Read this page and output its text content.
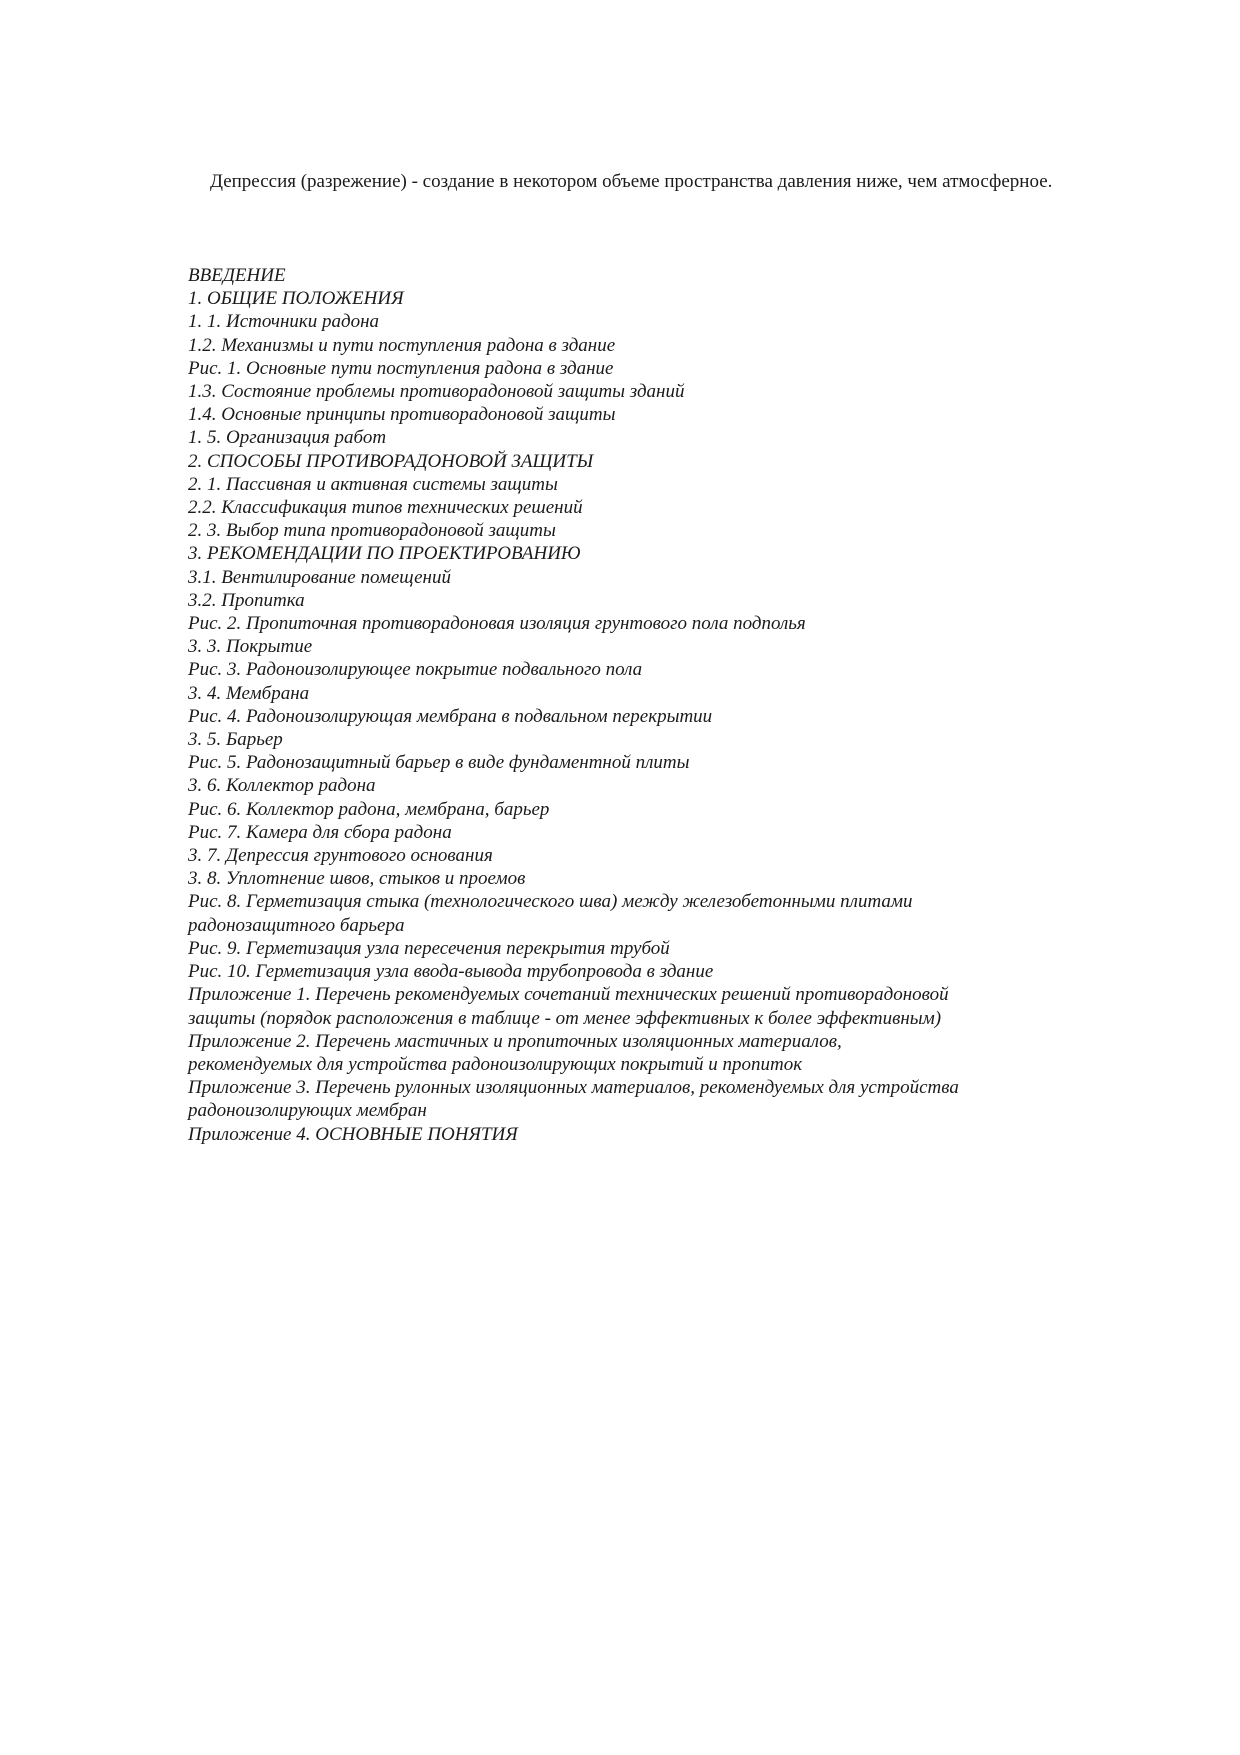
Депрессия (разрежение) - создание в некотором объеме пространства давления ниже, чем атмосферное.

ВВЕДЕНИЕ
1. ОБЩИЕ ПОЛОЖЕНИЯ
1. 1. Источники радона
1.2. Механизмы и пути поступления радона в здание
Рис. 1. Основные пути поступления радона в здание
1.3. Состояние проблемы противорадоновой защиты зданий
1.4. Основные принципы противорадоновой защиты
1. 5. Организация работ
2. СПОСОБЫ ПРОТИВОРАДОНОВОЙ ЗАЩИТЫ
2. 1. Пассивная и активная системы защиты
2.2. Классификация типов технических решений
2. 3. Выбор типа противорадоновой защиты
3. РЕКОМЕНДАЦИИ ПО ПРОЕКТИРОВАНИЮ
3.1. Вентилирование помещений
3.2. Пропитка
Рис. 2. Пропиточная противорадоновая изоляция грунтового пола подполья
3. 3. Покрытие
Рис. 3. Радоноизолирующее покрытие подвального пола
3. 4. Мембрана
Рис. 4. Радоноизолирующая мембрана в подвальном перекрытии
3. 5. Барьер
Рис. 5. Радонозащитный барьер в виде фундаментной плиты
3. 6. Коллектор радона
Рис. 6. Коллектор радона, мембрана, барьер
Рис. 7. Камера для сбора радона
3. 7. Депрессия грунтового основания
3. 8. Уплотнение швов, стыков и проемов
Рис. 8. Герметизация стыка (технологического шва) между железобетонными плитами
радонозащитного барьера
Рис. 9. Герметизация узла пересечения перекрытия трубой
Рис. 10. Герметизация узла ввода-вывода трубопровода в здание
Приложение 1. Перечень рекомендуемых сочетаний технических решений противорадоновой
защиты (порядок расположения в таблице - от менее эффективных к более эффективным)
Приложение 2. Перечень мастичных и пропиточных изоляционных материалов,
рекомендуемых для устройства радоноизолирующих покрытий и пропиток
Приложение 3. Перечень рулонных изоляционных материалов, рекомендуемых для устройства
радоноизолирующих мембран
Приложение 4. ОСНОВНЫЕ ПОНЯТИЯ
